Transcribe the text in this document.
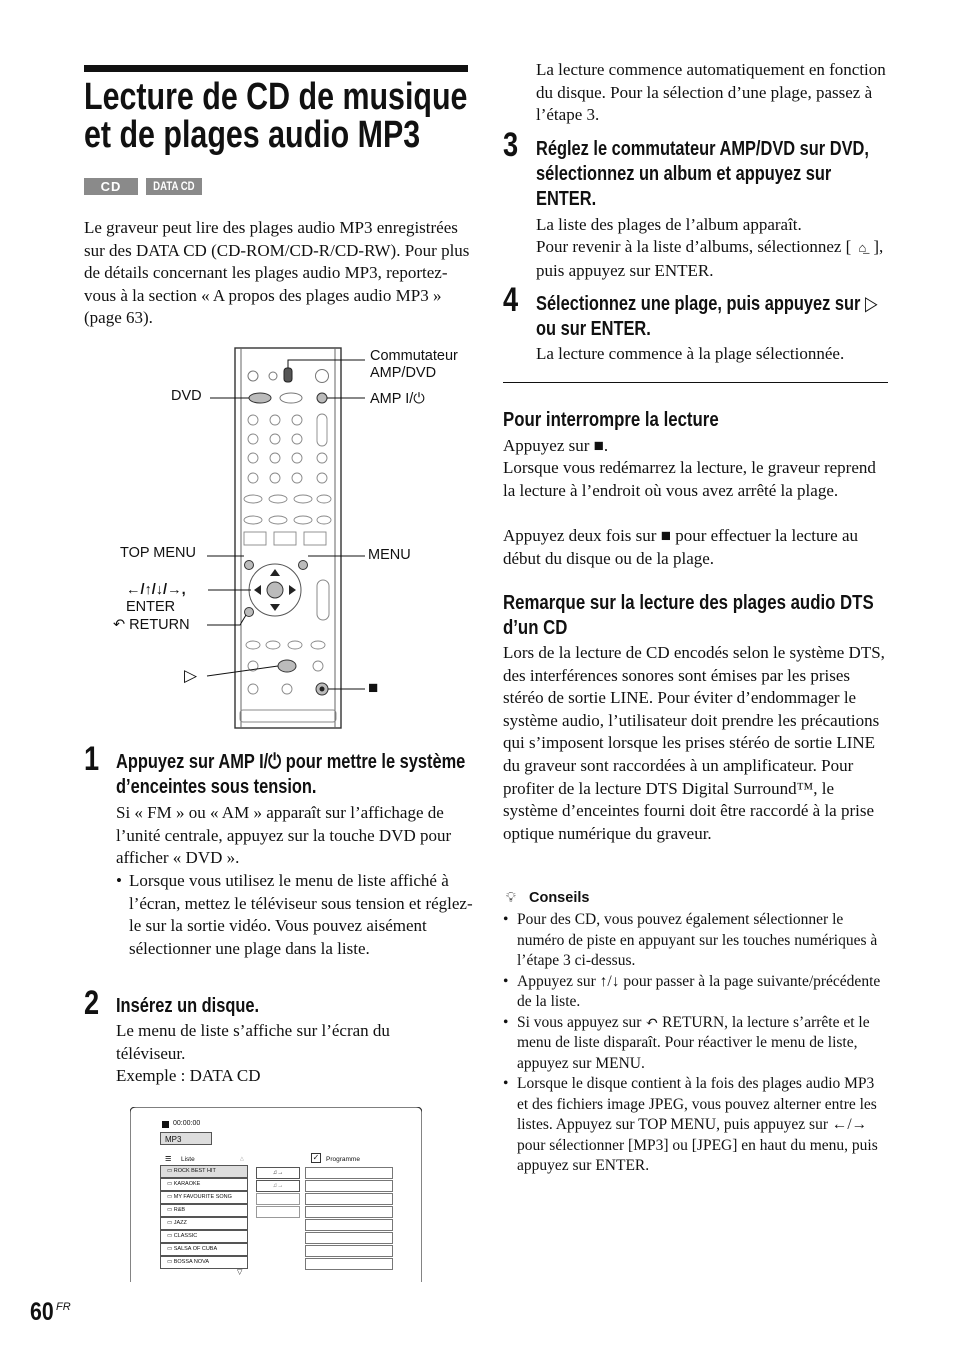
Lecture de CD de musique
et de plages audio MP3
CD	DATA CD

Le graveur peut lire des plages audio MP3 enregistrées sur des DATA CD (CD-ROM/CD-R/CD-RW). Pour plus de détails concernant les plages audio MP3, reportez-vous à la section « A propos des plages audio MP3 » (page 63).

Commutateur AMP/DVD
DVD	AMP I/⏻
TOP MENU	MENU
←/↑/↓/→,
ENTER
↶ RETURN
▷
■
1 Appuyez sur AMP I/⏻ pour mettre le système d’enceintes sous tension.

Si « FM » ou « AM » apparaît sur l’affichage de l’unité centrale, appuyez sur la touche DVD pour afficher « DVD ».

• Lorsque vous utilisez le menu de liste affiché à l’écran, mettez le téléviseur sous tension et réglez-le sur la sortie vidéo. Vous pouvez aisément sélectionner une plage dans la liste.

2 Insérez un disque.

Le menu de liste s’affiche sur l’écran du téléviseur.

Exemple : DATA CD

00:00:00
MP3
≡ Liste	✓ Programme
▭ ROCK BEST HIT
▭ KARAOKE
▭ MY FAVOURITE SONG
▭ R&B
▭ JAZZ
▭ CLASSIC
▭ SALSA OF CUBA
▭ BOSSA NOVA
▽
△
♫→
♫→
60 FR

La lecture commence automatiquement en fonction du disque. Pour la sélection d’une plage, passez à l’étape 3.

3 Réglez le commutateur AMP/DVD sur DVD, sélectionnez un album et appuyez sur ENTER.

La liste des plages de l’album apparaît.

Pour revenir à la liste d’albums, sélectionnez [ ⌂̲ ], puis appuyez sur ENTER.

4 Sélectionnez une plage, puis appuyez sur ▷ ou sur ENTER.

La lecture commence à la plage sélectionnée.

Pour interrompre la lecture

Appuyez sur ■.

Lorsque vous redémarrez la lecture, le graveur reprend la lecture à l’endroit où vous avez arrêté la plage.

Appuyez deux fois sur ■ pour effectuer la lecture au début du disque ou de la plage.

Remarque sur la lecture des plages audio DTS
d’un CD

Lors de la lecture de CD encodés selon le système DTS, des interférences sonores sont émises par les prises stéréo de sortie LINE. Pour éviter d’endommager le système audio, l’utilisateur doit prendre les précautions qui s’imposent lorsque les prises stéréo de sortie LINE du graveur sont raccordées à un amplificateur. Pour profiter de la lecture DTS Digital Surround™, le système d’enceintes fourni doit être raccordé à la prise optique numérique du graveur.

💡︎ Conseils
• Pour des CD, vous pouvez également sélectionner le numéro de piste en appuyant sur les touches numériques à l’étape 3 ci-dessus.
• Appuyez sur ↑/↓ pour passer à la page suivante/précédente de la liste.
• Si vous appuyez sur ↶ RETURN, la lecture s’arrête et le menu de liste disparaît. Pour réactiver le menu de liste, appuyez sur MENU.
• Lorsque le disque contient à la fois des plages audio MP3 et des fichiers image JPEG, vous pouvez alterner entre les listes. Appuyez sur TOP MENU, puis appuyez sur ←/→ pour sélectionner [MP3] ou [JPEG] en haut du menu, puis appuyez sur ENTER.
